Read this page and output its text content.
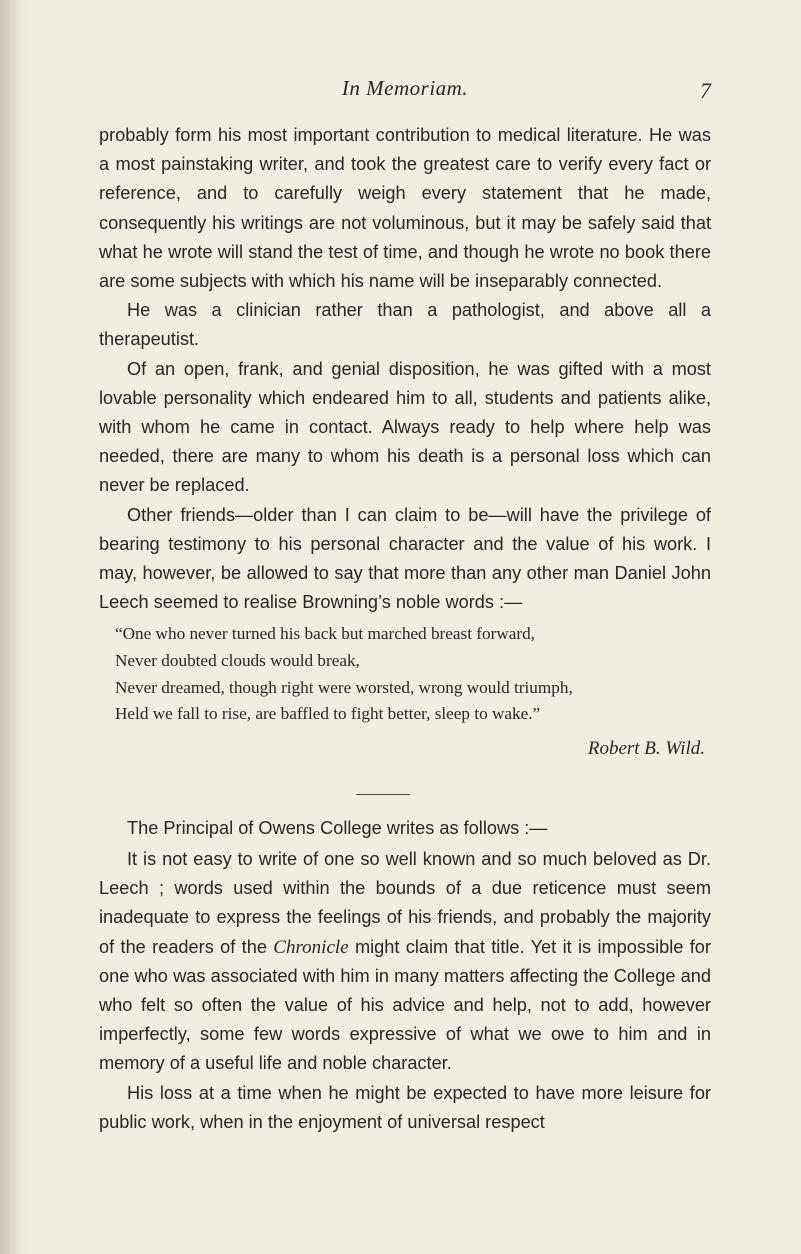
In Memoriam.	7

probably form his most important contribution to medical literature. He was a most painstaking writer, and took the greatest care to verify every fact or reference, and to carefully weigh every statement that he made, consequently his writings are not voluminous, but it may be safely said that what he wrote will stand the test of time, and though he wrote no book there are some subjects with which his name will be inseparably connected.

He was a clinician rather than a pathologist, and above all a therapeutist.

Of an open, frank, and genial disposition, he was gifted with a most lovable personality which endeared him to all, students and patients alike, with whom he came in contact. Always ready to help where help was needed, there are many to whom his death is a personal loss which can never be replaced.

Other friends—older than I can claim to be—will have the privilege of bearing testimony to his personal character and the value of his work. I may, however, be allowed to say that more than any other man Daniel John Leech seemed to realise Browning’s noble words :—

“One who never turned his back but marched breast forward,
Never doubted clouds would break,
Never dreamed, though right were worsted, wrong would triumph,
Held we fall to rise, are baffled to fight better, sleep to wake.”
Robert B. Wild.

The Principal of Owens College writes as follows :—

It is not easy to write of one so well known and so much beloved as Dr. Leech ; words used within the bounds of a due reticence must seem inadequate to express the feelings of his friends, and probably the majority of the readers of the Chronicle might claim that title. Yet it is impossible for one who was associated with him in many matters affecting the College and who felt so often the value of his advice and help, not to add, however imperfectly, some few words expressive of what we owe to him and in memory of a useful life and noble character.

His loss at a time when he might be expected to have more leisure for public work, when in the enjoyment of universal respect
